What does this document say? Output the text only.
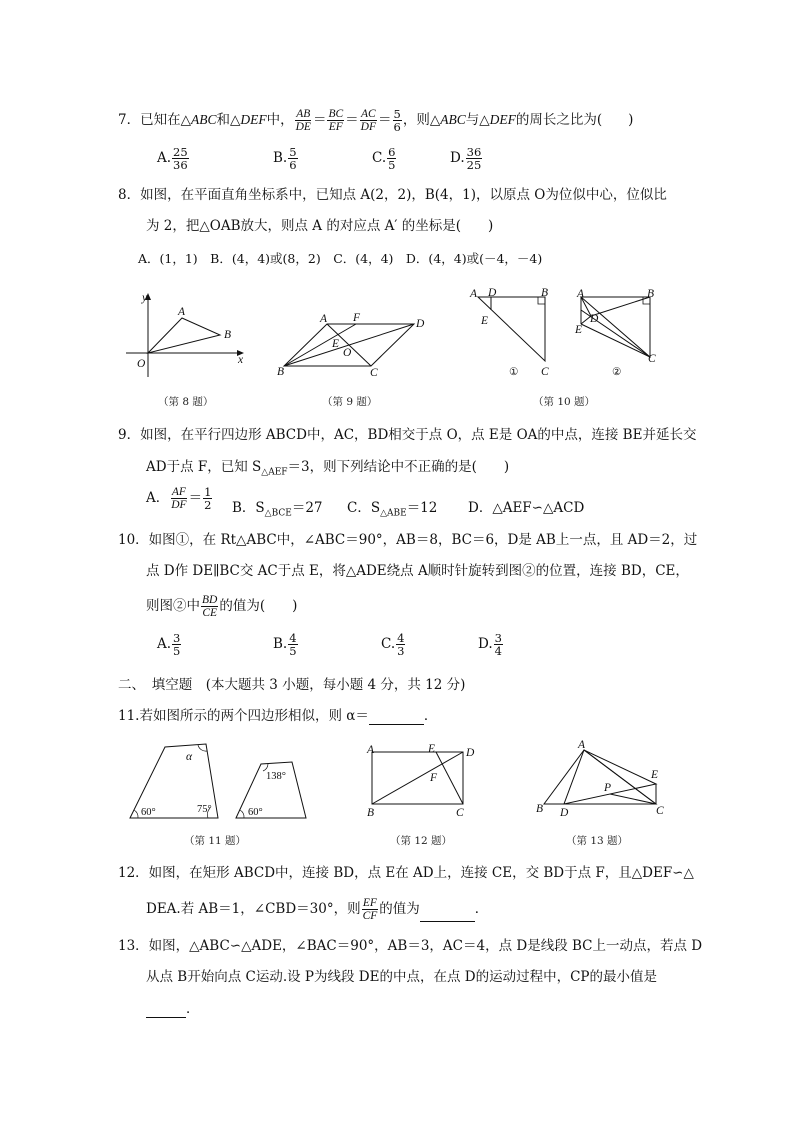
7．已知在△ABC和△DEF中， $\frac{AB}{DE} = \frac{BC}{EF} = \frac{AC}{DF} = \frac{5}{6}$ ，则△ABC与△DEF的周长之比为( )
A. $\frac{25}{36}$	B. $\frac{5}{6}$	C. $\frac{6}{5}$	D. $\frac{36}{25}$
8．如图，在平面直角坐标系中，已知点 A(2，2)，B(4，1)，以原点 O为位似中心，位似比
为 2，把△OAB放大，则点 A 的对应点 A′ 的坐标是(　　)
A．(1，1)　B．(4，4)或(8，2)　C．(4，4)　D．(4，4)或(－4，－4)
y
A
B
O	x
A F	D
E
O
B	C
A D	B
E
C
①
A	B
D
E
C
②
（第 8 题）	（第 9 题）	（第 10 题）
9．如图，在平行四边形 ABCD中，AC，BD相交于点 O，点 E是 OA的中点，连接 BE并延长交
AD于点 F，已知 $S_{\triangle AEF}=3$，则下列结论中不正确的是(　　)
A． $\frac{AF}{DF} = \frac{1}{2}$ B．$S_{\triangle BCE}=27$ C．$S_{\triangle ABE}=12$ D．△AEF∽△ACD
10．如图①，在 Rt△ABC中，∠ABC＝90°，AB＝8，BC＝6，D是 AB上一点，且 AD＝2，过
点 D作 DE∥BC交 AC于点 E，将△ADE绕点 A顺时针旋转到图②的位置，连接 BD，CE，
则图②中 $\frac{BD}{CE}$ 的值为(　　)
A. $\frac{3}{5}$	B. $\frac{4}{5}$	C. $\frac{4}{3}$	D. $\frac{3}{4}$
二、　填空题　(本大题共 3 小题，每小题 4 分，共 12 分)
11.若如图所示的两个四边形相似，则 α＝	．
α
60°	75°
138°
60°
A	E	D
F
B	C
A
E
P
B D	C
（第 11 题）	（第 12 题）	（第 13 题）
12．如图，在矩形 ABCD中，连接 BD，点 E在 AD上，连接 CE，交 BD于点 F，且△DEF∽△
DEA.若 AB＝1，∠CBD＝30°，则 $\frac{EF}{CF}$ 的值为	．
13．如图，△ABC∽△ADE，∠BAC＝90°，AB＝3，AC＝4，点 D是线段 BC上一动点，若点 D
从点 B开始向点 C运动.设 P为线段 DE的中点，在点 D的运动过程中，CP的最小值是
．
